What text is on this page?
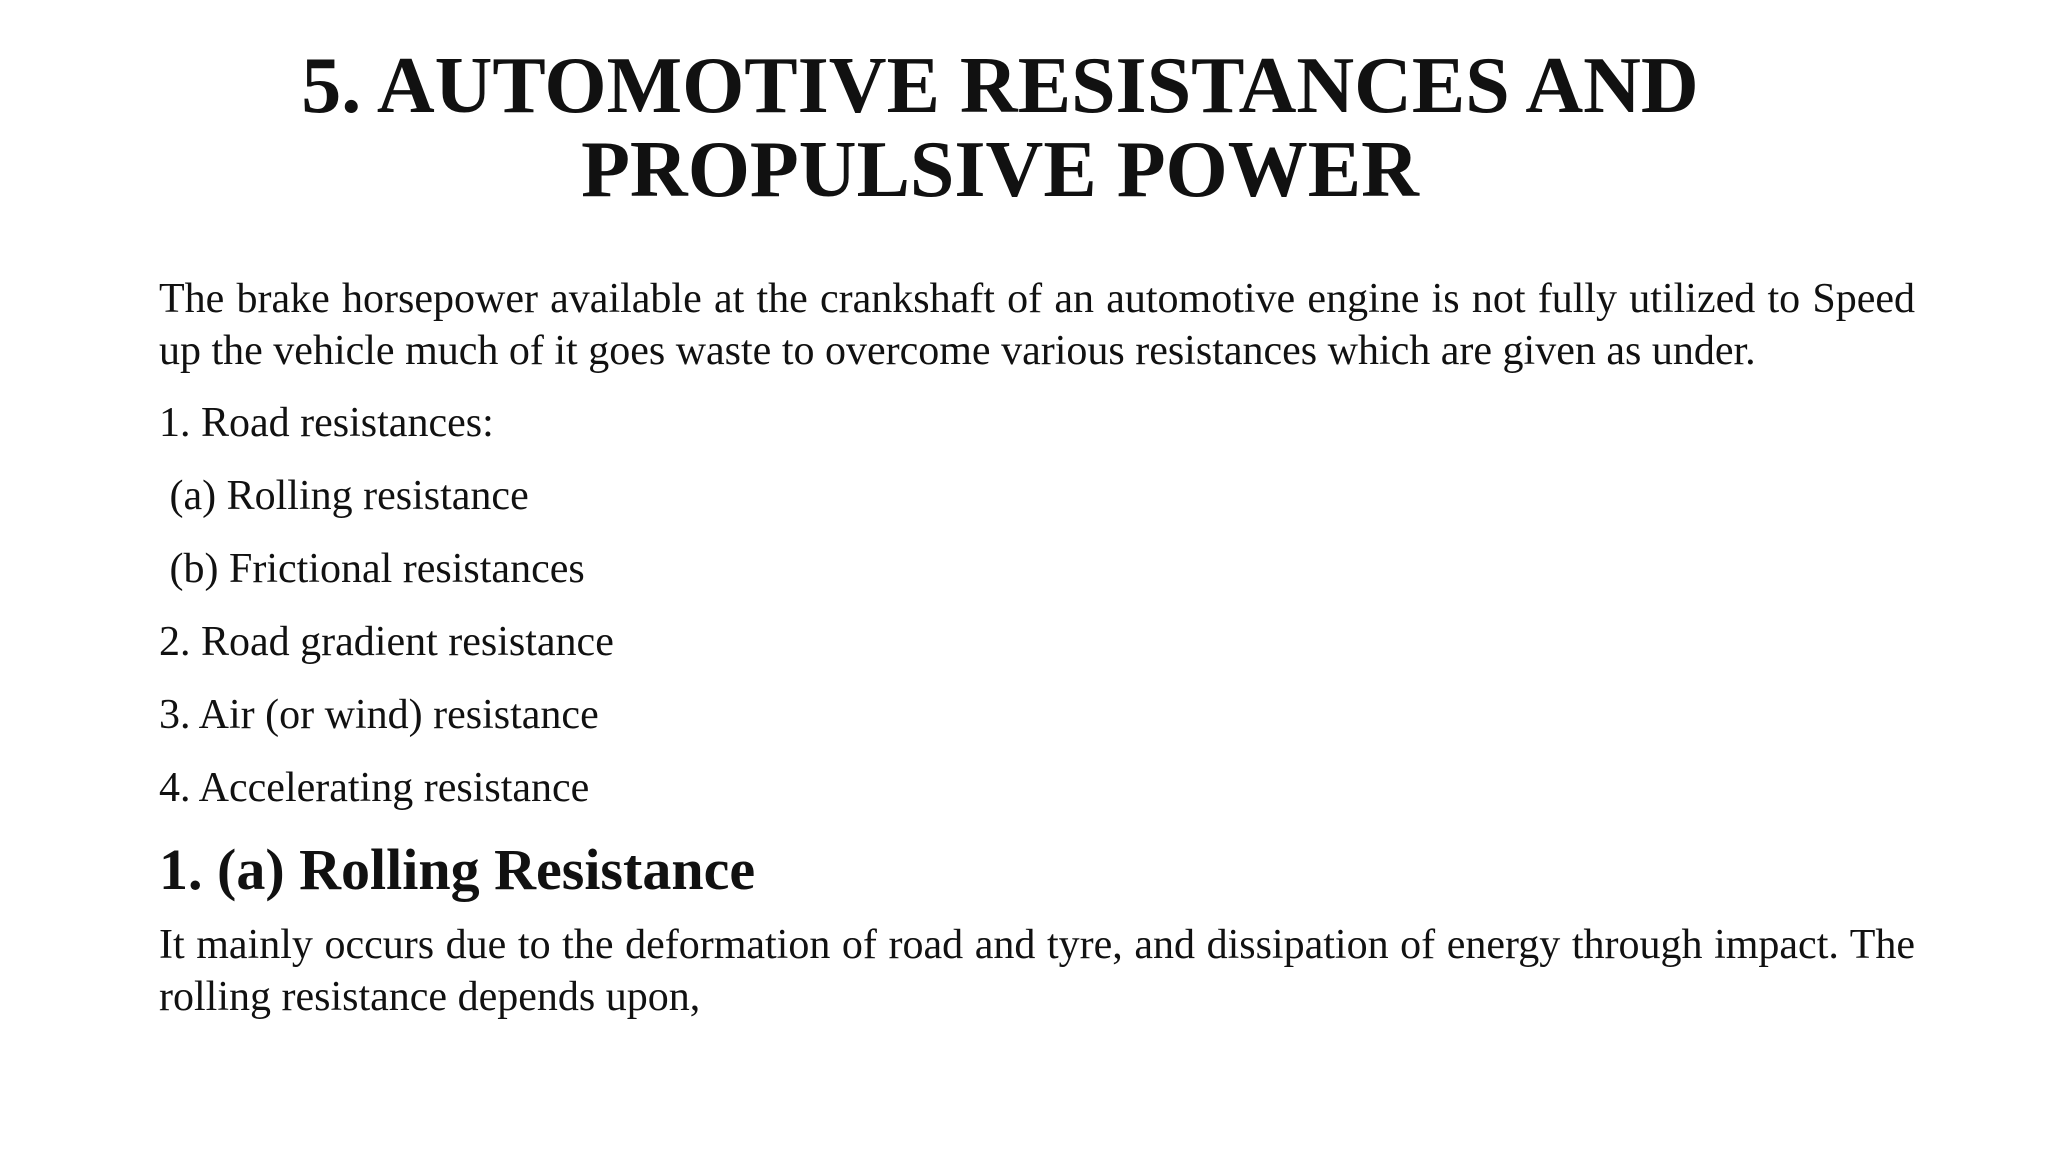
5. AUTOMOTIVE RESISTANCES AND
PROPULSIVE POWER

The brake horsepower available at the crankshaft of an automotive engine is not fully utilized to Speed up the vehicle much of it goes waste to overcome various resistances which are given as under.

1. Road resistances:

(a) Rolling resistance

(b) Frictional resistances

2. Road gradient resistance

3. Air (or wind) resistance

4. Accelerating resistance

1. (a) Rolling Resistance

It mainly occurs due to the deformation of road and tyre, and dissipation of energy through impact. The rolling resistance depends upon,
